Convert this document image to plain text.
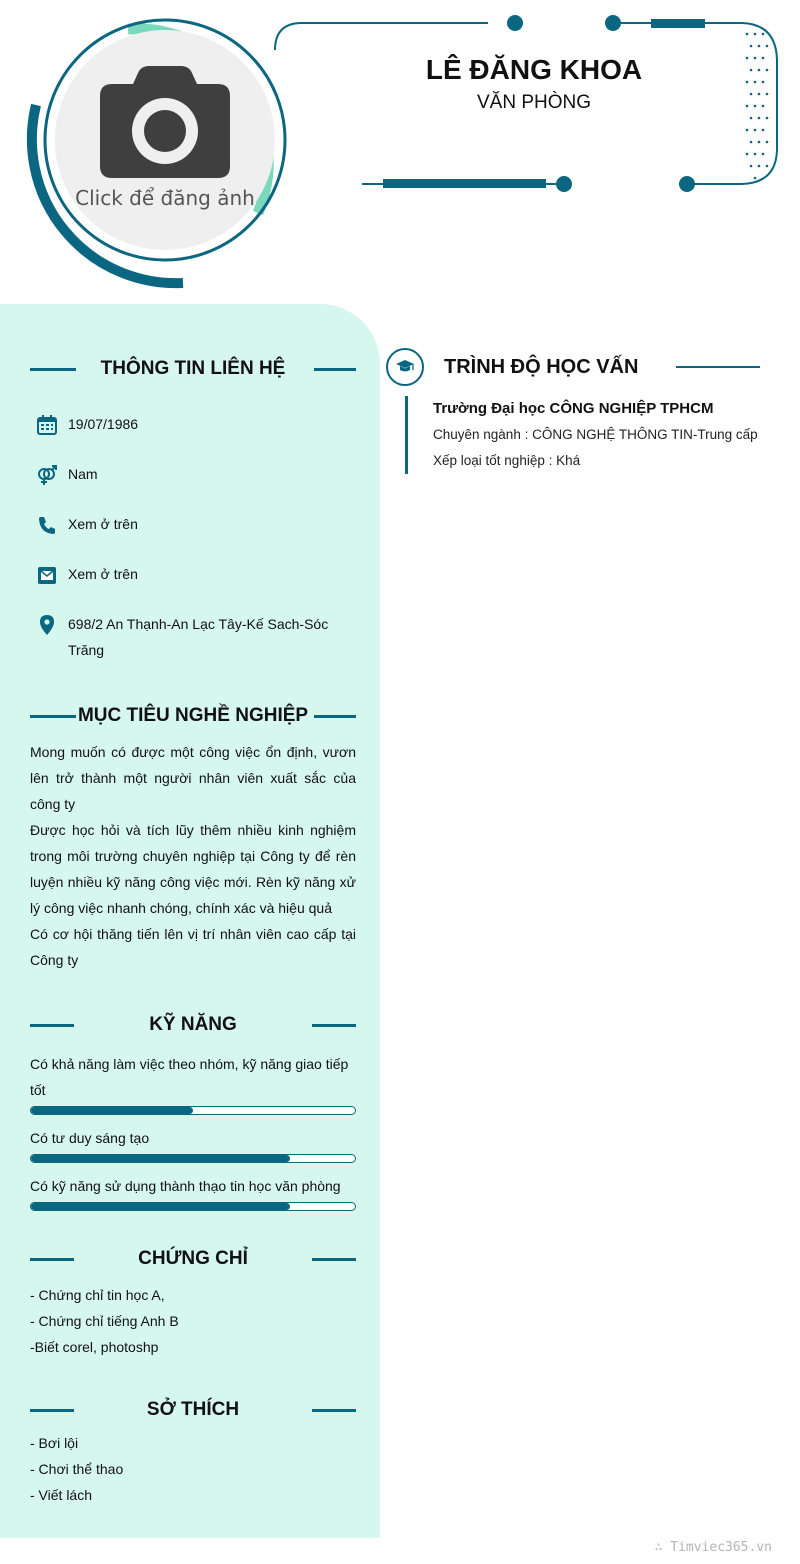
Click để đăng ảnh
LÊ ĐĂNG KHOA
VĂN PHÒNG
THÔNG TIN LIÊN HỆ
19/07/1986
Nam
Xem ở trên
Xem ở trên
698/2 An Thạnh-An Lạc Tây-Kế Sach-Sóc Trăng
MỤC TIÊU NGHỀ NGHIỆP
Mong muốn có được một công việc ổn định, vươn lên trở thành một người nhân viên xuất sắc của công ty
Được học hỏi và tích lũy thêm nhiều kinh nghiệm trong môi trường chuyên nghiệp tại Công ty để rèn luyện nhiều kỹ năng công việc mới. Rèn kỹ năng xử lý công việc nhanh chóng, chính xác và hiệu quả
Có cơ hội thăng tiến lên vị trí nhân viên cao cấp tại Công ty
KỸ NĂNG
Có khả năng làm việc theo nhóm, kỹ năng giao tiếp tốt
Có tư duy sáng tạo
Có kỹ năng sử dụng thành thạo tin học văn phòng
CHỨNG CHỈ
- Chứng chỉ tin học A,
- Chứng chỉ tiếng Anh B
-Biết corel, photoshp
SỞ THÍCH
- Bơi lội
- Chơi thể thao
- Viết lách
TRÌNH ĐỘ HỌC VẤN
Trường Đại học CÔNG NGHIỆP TPHCM
Chuyên ngành : CÔNG NGHỆ THÔNG TIN-Trung cấp
Xếp loại tốt nghiệp : Khá
∴ Timviec365.vn
